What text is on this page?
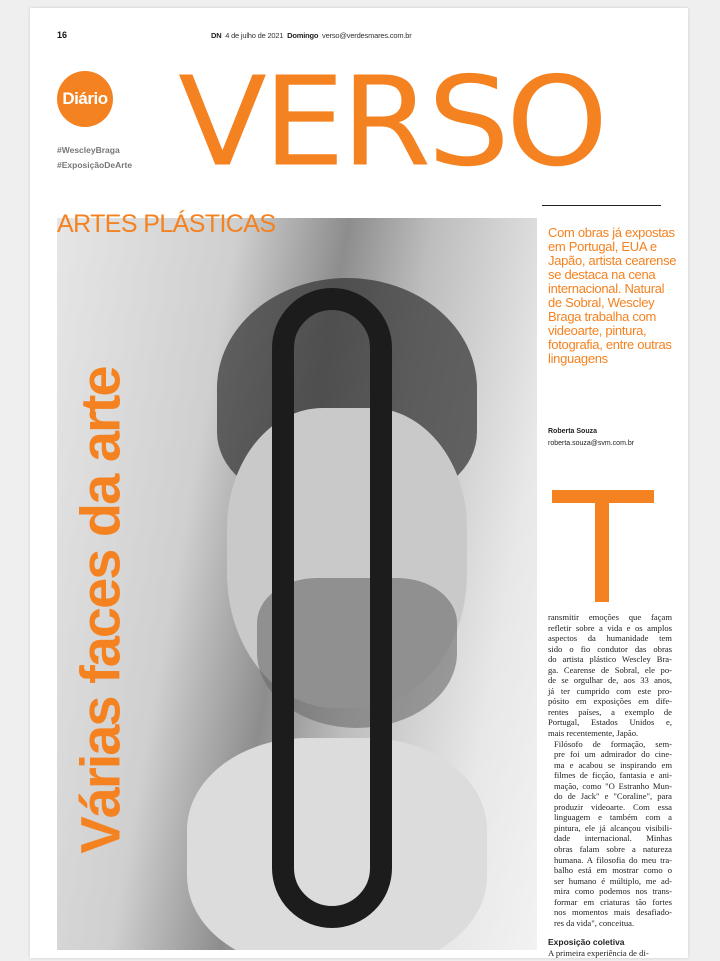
16	DN 4 de julho de 2021 Domingo verso@verdesmares.com.br
Diário
#WescleyBraga
#ExposiçãoDeArte VERSO
ARTES PLÁSTICAS
Várias faces da arte
Com obras já expostas em Portugal, EUA e Japão, artista cearense se destaca na cena internacional. Natural de Sobral, Wescley Braga trabalha com videoarte, pintura, fotografia, entre outras linguagens
Roberta Souza
roberta.souza@svm.com.br
ransmitir emoções que façam
refletir sobre a vida e os amplos
aspectos da humanidade tem
sido o fio condutor das obras
do artista plástico Wescley Bra-
ga. Cearense de Sobral, ele po-
de se orgulhar de, aos 33 anos,
já ter cumprido com este pro-
pósito em exposições em dife-
rentes países, a exemplo de
Portugal, Estados Unidos e,
mais recentemente, Japão.
Filósofo de formação, sem-
pre foi um admirador do cine-
ma e acabou se inspirando em
filmes de ficção, fantasia e ani-
mação, como "O Estranho Mun-
do de Jack" e "Coraline", para
produzir videoarte. Com essa
linguagem e também com a
pintura, ele já alcançou visibili-
dade internacional. Minhas
obras falam sobre a natureza
humana. A filosofia do meu tra-
balho está em mostrar como o
ser humano é múltiplo, me ad-
mira como podemos nos trans-
formar em criaturas tão fortes
nos momentos mais desafiado-
res da vida", conceitua.
Exposição coletiva
A primeira experiência de di-
